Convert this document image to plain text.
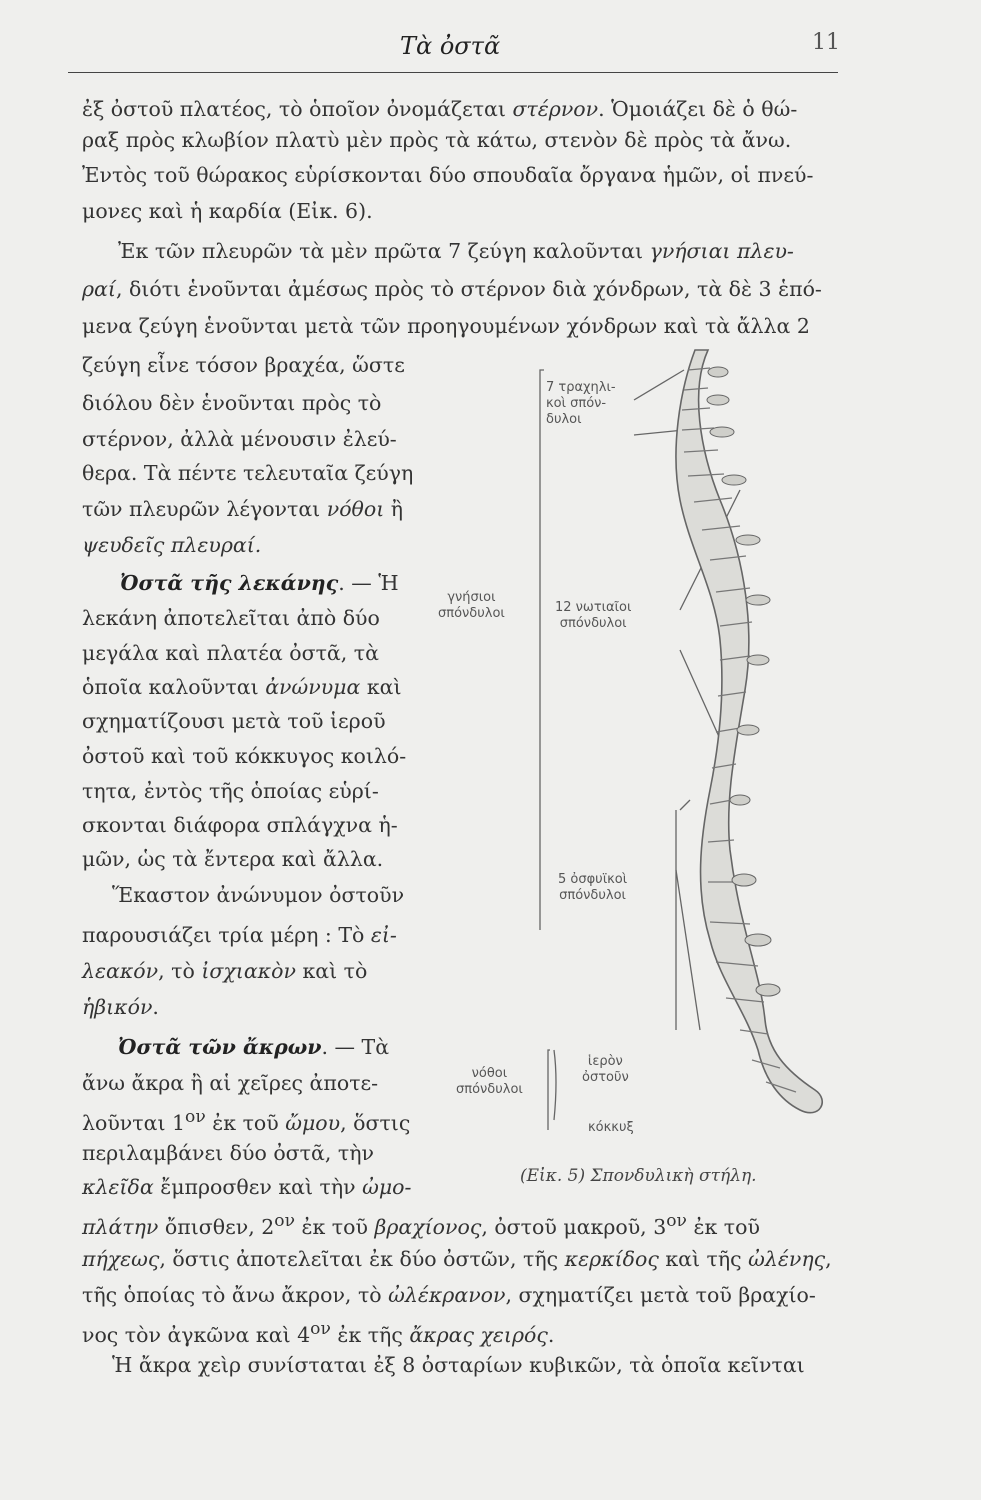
Τὰ ὀστᾶ	11
ἐξ ὀστοῦ πλατέος, τὸ ὁποῖον ὀνομάζεται στέρνον. Ὁμοιάζει δὲ ὁ θώ-
ραξ πρὸς κλωβίον πλατὺ μὲν πρὸς τὰ κάτω, στενὸν δὲ πρὸς τὰ ἄνω.
Ἐντὸς τοῦ θώρακος εὑρίσκονται δύο σπουδαῖα ὄργανα ἡμῶν, οἱ πνεύ-
μονες καὶ ἡ καρδία (Εἰκ. 6).
Ἐκ τῶν πλευρῶν τὰ μὲν πρῶτα 7 ζεύγη καλοῦνται γνήσιαι πλευ-
ραί, διότι ἑνοῦνται ἀμέσως πρὸς τὸ στέρνον διὰ χόνδρων, τὰ δὲ 3 ἑπό-
μενα ζεύγη ἑνοῦνται μετὰ τῶν προηγουμένων χόνδρων καὶ τὰ ἄλλα 2
ζεύγη εἶνε τόσον βραχέα, ὥστε
διόλου δὲν ἑνοῦνται πρὸς τὸ
στέρνον, ἀλλὰ μένουσιν ἐλεύ-
θερα. Τὰ πέντε τελευταῖα ζεύγη
τῶν πλευρῶν λέγονται νόθοι ἢ
ψευδεῖς πλευραί.
Ὀστᾶ τῆς λεκάνης. — Ἡ
λεκάνη ἀποτελεῖται ἀπὸ δύο
μεγάλα καὶ πλατέα ὀστᾶ, τὰ
ὁποῖα καλοῦνται ἀνώνυμα καὶ
σχηματίζουσι μετὰ τοῦ ἱεροῦ
ὀστοῦ καὶ τοῦ κόκκυγος κοιλό-
τητα, ἐντὸς τῆς ὁποίας εὑρί-
σκονται διάφορα σπλάγχνα ἡ-
μῶν, ὡς τὰ ἔντερα καὶ ἄλλα.
Ἕκαστον ἀνώνυμον ὀστοῦν
παρουσιάζει τρία μέρη : Τὸ εἰ-
λεακόν, τὸ ἰσχιακὸν καὶ τὸ
ἡβικόν.
Ὀστᾶ τῶν ἄκρων. — Τὰ
ἄνω ἄκρα ἢ αἱ χεῖρες ἀποτε-
λοῦνται $1^{o\nu}$ ἐκ τοῦ ὤμου, ὅστις
περιλαμβάνει δύο ὀστᾶ, τὴν
κλεῖδα ἔμπροσθεν καὶ τὴν ὠμο-
πλάτην ὄπισθεν, $2^{o\nu}$ ἐκ τοῦ βραχίονος, ὀστοῦ μακροῦ, $3^{o\nu}$ ἐκ τοῦ
πήχεως, ὅστις ἀποτελεῖται ἐκ δύο ὀστῶν, τῆς κερκίδος καὶ τῆς ὠλένης,
τῆς ὁποίας τὸ ἄνω ἄκρον, τὸ ὠλέκρανον, σχηματίζει μετὰ τοῦ βραχίο-
νος τὸν ἀγκῶνα καὶ $4^{o\nu}$ ἐκ τῆς ἄκρας χειρός.
Ἡ ἄκρα χεὶρ συνίσταται ἐξ 8 ὀσταρίων κυβικῶν, τὰ ὁποῖα κεῖνται
7 τραχηλι-
κοὶ σπόν-
δυλοι
γνήσιοι
σπόνδυλοι	12 νωτιαῖοι
σπόνδυλοι
5 ὀσφυϊκοὶ
σπόνδυλοι
νόθοι
σπόνδυλοι
ἱερὸν
ὀστοῦν
κόκκυξ
(Εἰκ. 5) Σπονδυλικὴ στήλη.
